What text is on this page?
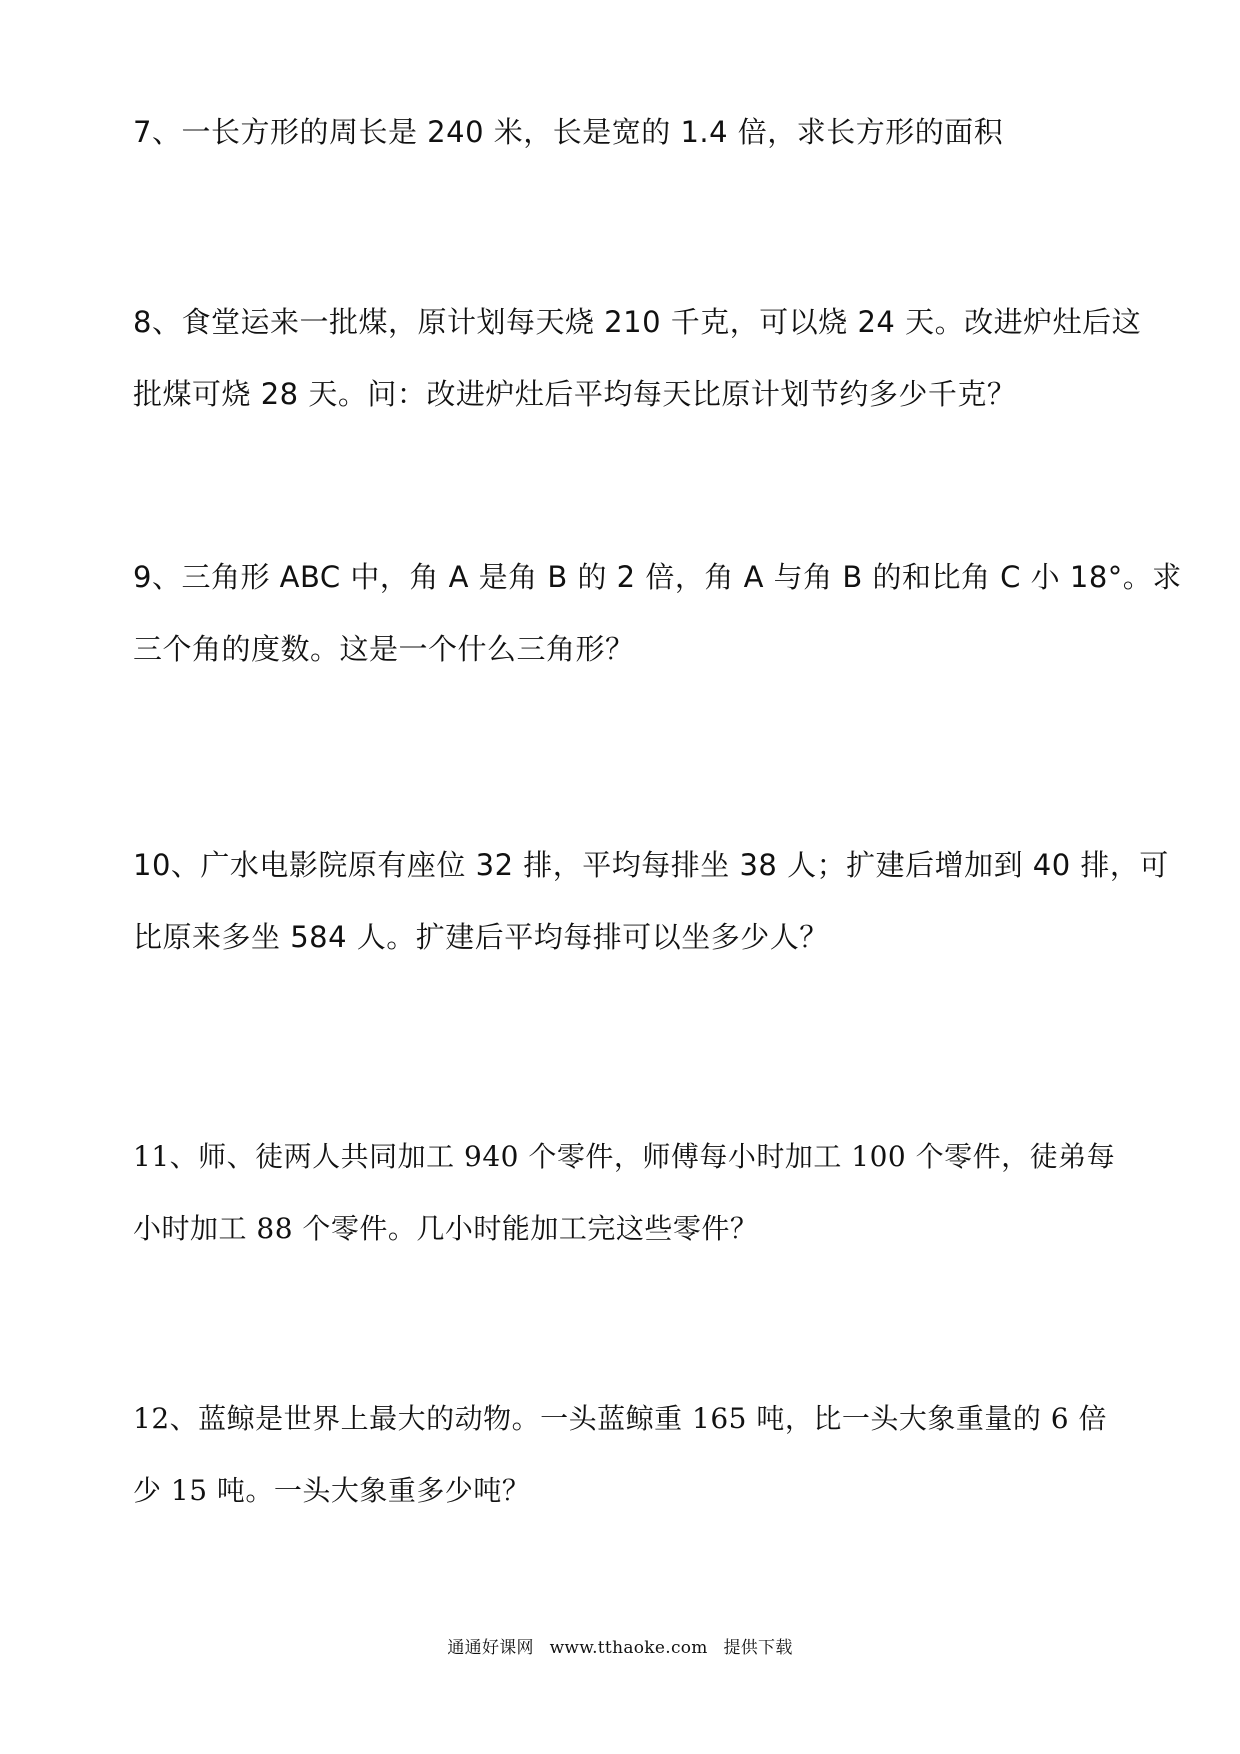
7、一长方形的周长是 240 米，长是宽的 1.4 倍，求长方形的面积
8、食堂运来一批煤，原计划每天烧 210 千克，可以烧 24 天。改进炉灶后这
批煤可烧 28 天。问：改进炉灶后平均每天比原计划节约多少千克？
9、三角形 ABC 中，角 A 是角 B 的 2 倍，角 A 与角 B 的和比角 C 小 18°。求
三个角的度数。这是一个什么三角形？
10、广水电影院原有座位 32 排，平均每排坐 38 人；扩建后增加到 40 排，可
比原来多坐 584 人。扩建后平均每排可以坐多少人？
11、师、徒两人共同加工 940 个零件，师傅每小时加工 100 个零件，徒弟每
小时加工 88 个零件。几小时能加工完这些零件？
12、蓝鲸是世界上最大的动物。一头蓝鲸重 165 吨，比一头大象重量的 6 倍
少 15 吨。一头大象重多少吨？
通通好课网 www.tthaoke.com 提供下载
